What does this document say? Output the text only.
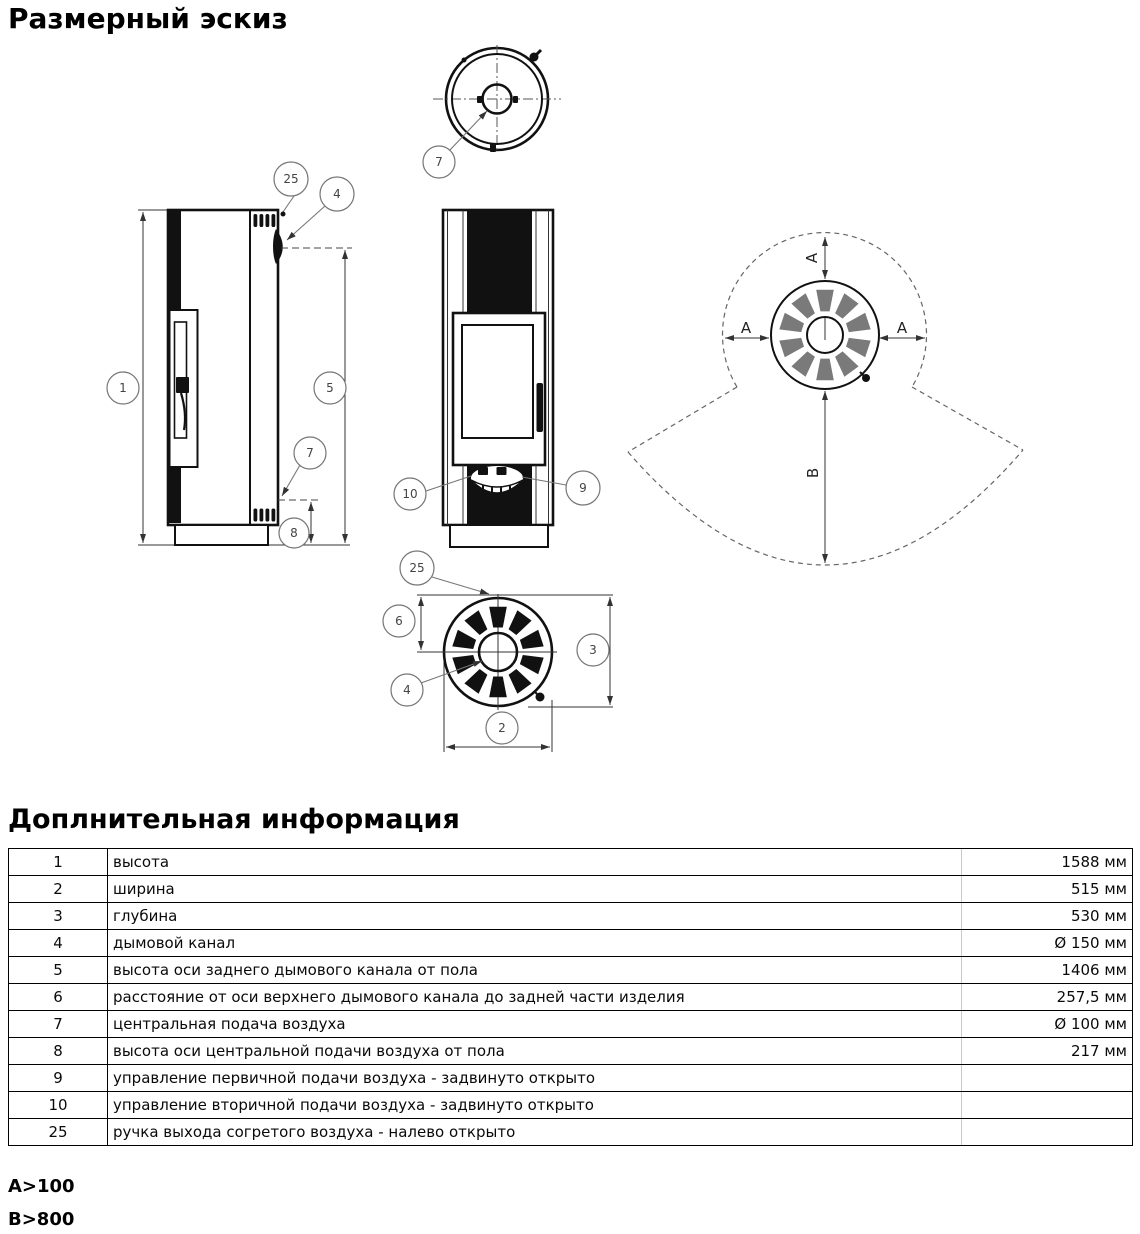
Размерный эскиз
7
1	5
25
4
7
8
10	9
A
A	A
B
25
6
3
4
2
Доплнительная информация
1	высота	1588 мм
2	ширина	515 мм
3	глубина	530 мм
4	дымовой канал	Ø 150 мм
5	высота оси заднего дымового канала от пола	1406 мм
6	расстояние от оси верхнего дымового канала до задней части изделия	257,5 мм
7	центральная подача воздуха	Ø 100 мм
8	высота оси центральной подачи воздуха от пола	217 мм
9	управление первичной подачи воздуха - задвинуто открыто	
10	управление вторичной подачи воздуха - задвинуто открыто	
25	ручка выхода согретого воздуха - налево открыто	
A>100
B>800
